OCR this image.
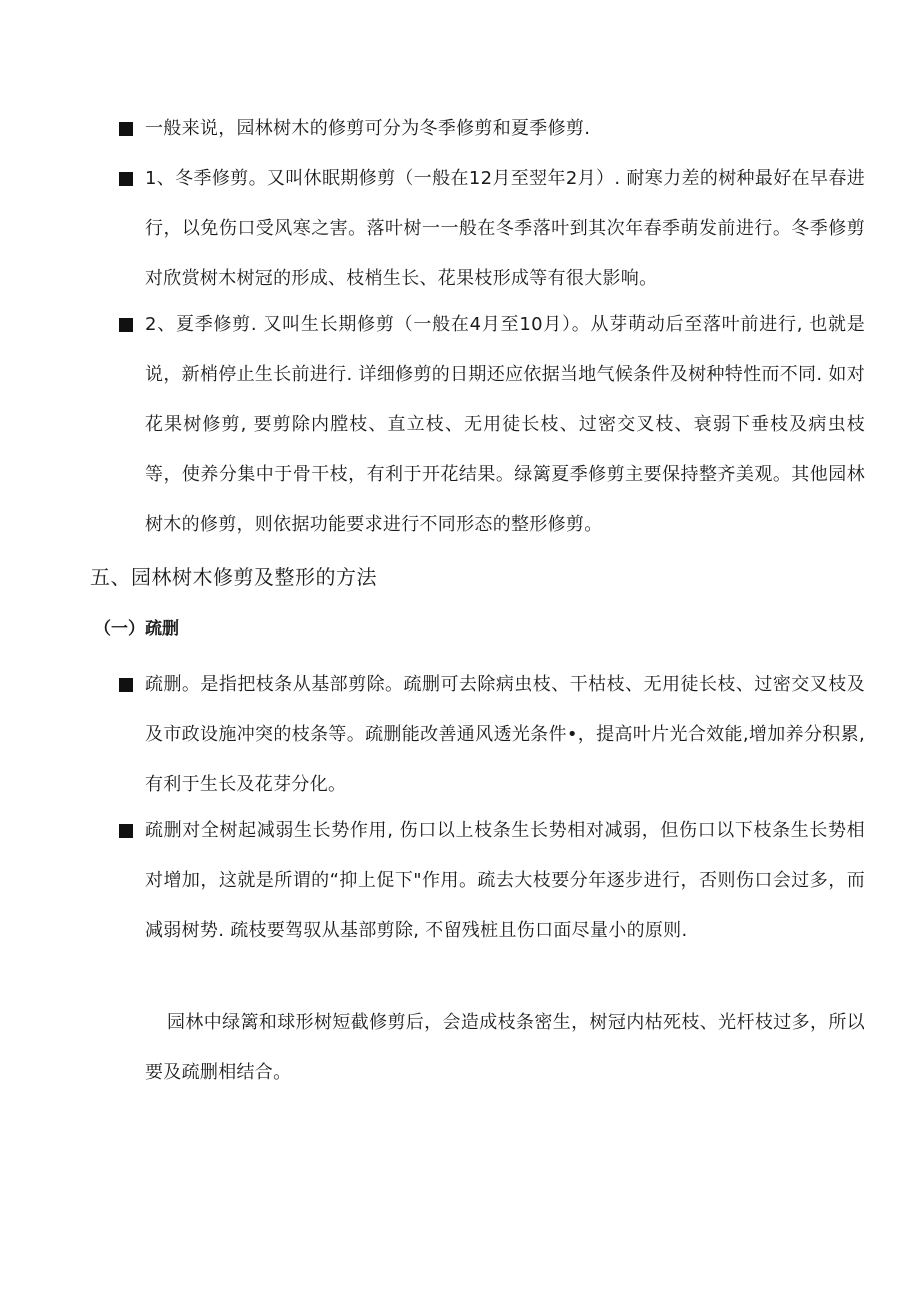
一般来说，园林树木的修剪可分为冬季修剪和夏季修剪.
1、冬季修剪。又叫休眠期修剪（一般在12月至翌年2月）. 耐寒力差的树种最好在早春进行，以免伤口受风寒之害。落叶树一一般在冬季落叶到其次年春季萌发前进行。冬季修剪对欣赏树木树冠的形成、枝梢生长、花果枝形成等有很大影响。
2、夏季修剪. 又叫生长期修剪（一般在4月至10月）。从芽萌动后至落叶前进行, 也就是说，新梢停止生长前进行. 详细修剪的日期还应依据当地气候条件及树种特性而不同. 如对花果树修剪, 要剪除内膛枝、直立枝、无用徒长枝、过密交叉枝、衰弱下垂枝及病虫枝等，使养分集中于骨干枝，有利于开花结果。绿篱夏季修剪主要保持整齐美观。其他园林树木的修剪，则依据功能要求进行不同形态的整形修剪。
五、园林树木修剪及整形的方法
（一）疏删
疏删。是指把枝条从基部剪除。疏删可去除病虫枝、干枯枝、无用徒长枝、过密交叉枝及及市政设施冲突的枝条等。疏删能改善通风透光条件•，提高叶片光合效能,增加养分积累, 有利于生长及花芽分化。
疏删对全树起减弱生长势作用, 伤口以上枝条生长势相对减弱，但伤口以下枝条生长势相对增加，这就是所谓的“抑上促下"作用。疏去大枝要分年逐步进行，否则伤口会过多，而减弱树势. 疏枝要驾驭从基部剪除, 不留残桩且伤口面尽量小的原则.
园林中绿篱和球形树短截修剪后，会造成枝条密生，树冠内枯死枝、光杆枝过多，所以要及疏删相结合。
